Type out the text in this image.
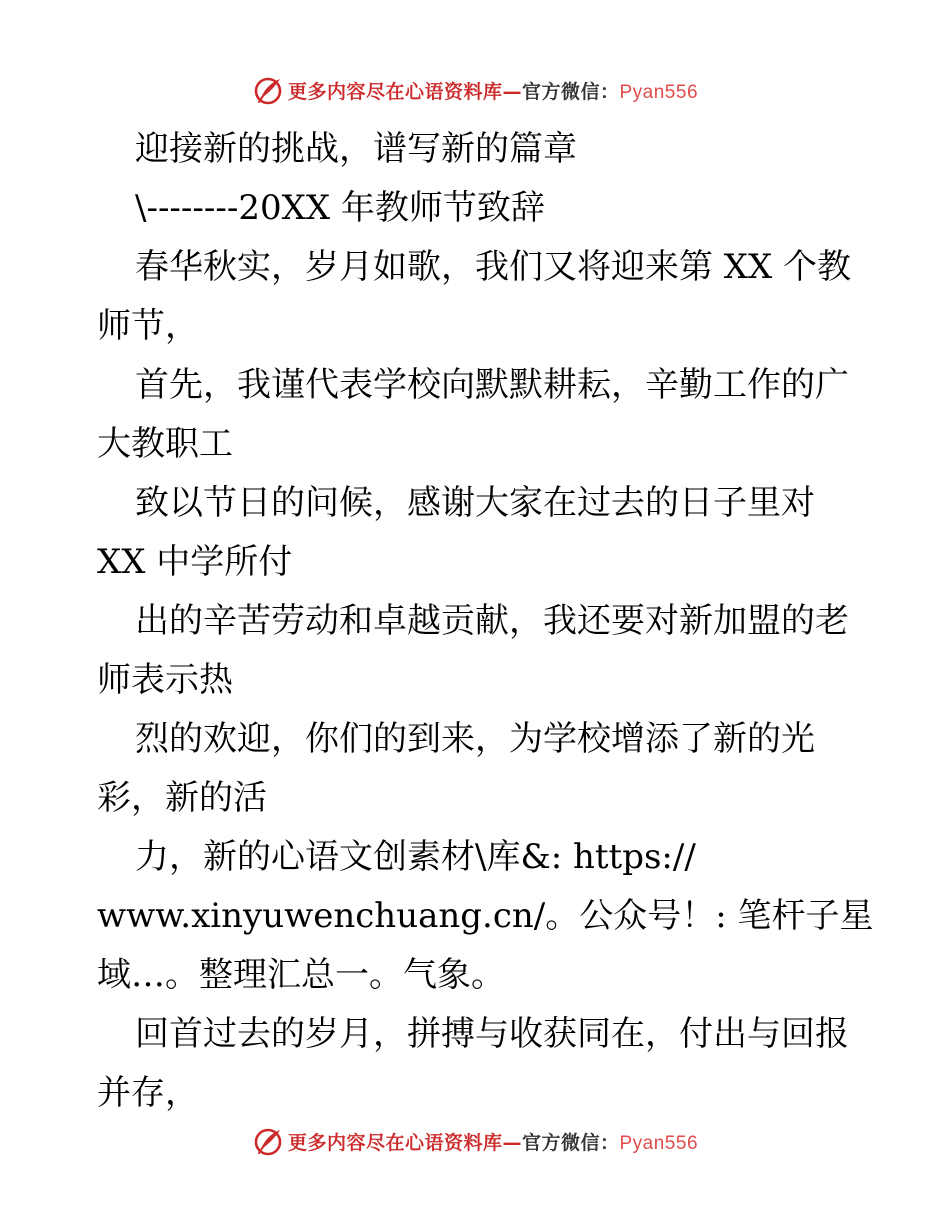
更多内容尽在心语资料库—官方微信：Pyan556
迎接新的挑战，谱写新的篇章
\--------20XX 年教师节致辞
春华秋实，岁月如歌，我们又将迎来第 XX 个教
师节，
首先，我谨代表学校向默默耕耘，辛勤工作的广
大教职工
致以节日的问候，感谢大家在过去的日子里对
XX 中学所付
出的辛苦劳动和卓越贡献，我还要对新加盟的老
师表示热
烈的欢迎，你们的到来，为学校增添了新的光
彩，新的活
力，新的心语文创素材\库&: https://
www.xinyuwenchuang.cn/。公众号！: 笔杆子星
域…。整理汇总一。气象。
回首过去的岁月，拼搏与收获同在，付出与回报
并存，
更多内容尽在心语资料库—官方微信：Pyan556
